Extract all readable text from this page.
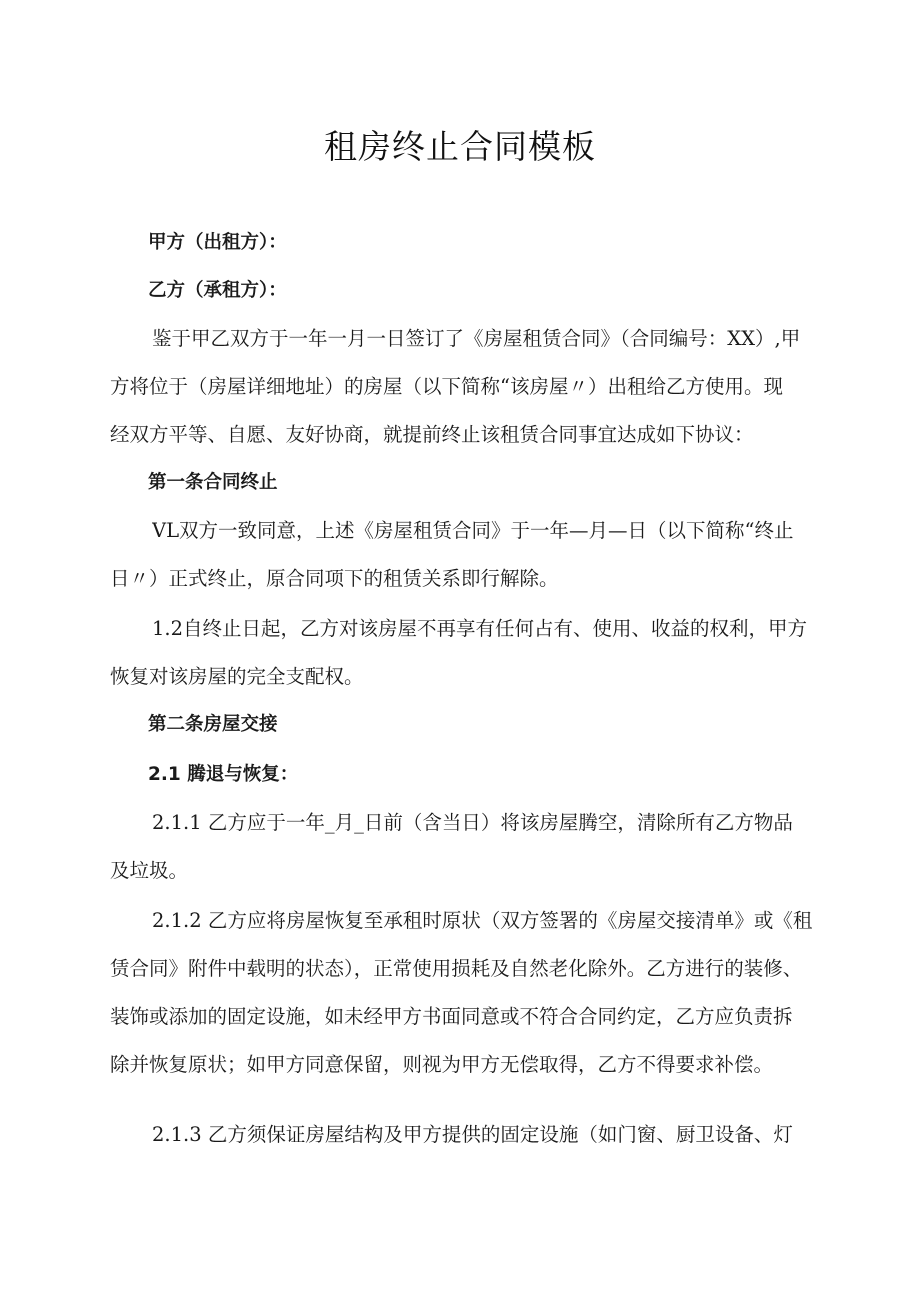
租房终止合同模板
甲方（出租方）：
乙方（承租方）：
鉴于甲乙双方于一年一月一日签订了《房屋租赁合同》（合同编号：XX）,甲
方将位于（房屋详细地址）的房屋（以下简称“该房屋〃）出租给乙方使用。现
经双方平等、自愿、友好协商，就提前终止该租赁合同事宜达成如下协议：
第一条合同终止
VL双方一致同意，上述《房屋租赁合同》于一年—月—日（以下简称“终止
日〃）正式终止，原合同项下的租赁关系即行解除。
1.2自终止日起，乙方对该房屋不再享有任何占有、使用、收益的权利，甲方
恢复对该房屋的完全支配权。
第二条房屋交接
2.1 腾退与恢复：
2.1.1 乙方应于一年_月_日前（含当日）将该房屋腾空，清除所有乙方物品
及垃圾。
2.1.2 乙方应将房屋恢复至承租时原状（双方签署的《房屋交接清单》或《租
赁合同》附件中载明的状态），正常使用损耗及自然老化除外。乙方进行的装修、
装饰或添加的固定设施，如未经甲方书面同意或不符合合同约定，乙方应负责拆
除并恢复原状；如甲方同意保留，则视为甲方无偿取得，乙方不得要求补偿。
2.1.3 乙方须保证房屋结构及甲方提供的固定设施（如门窗、厨卫设备、灯
